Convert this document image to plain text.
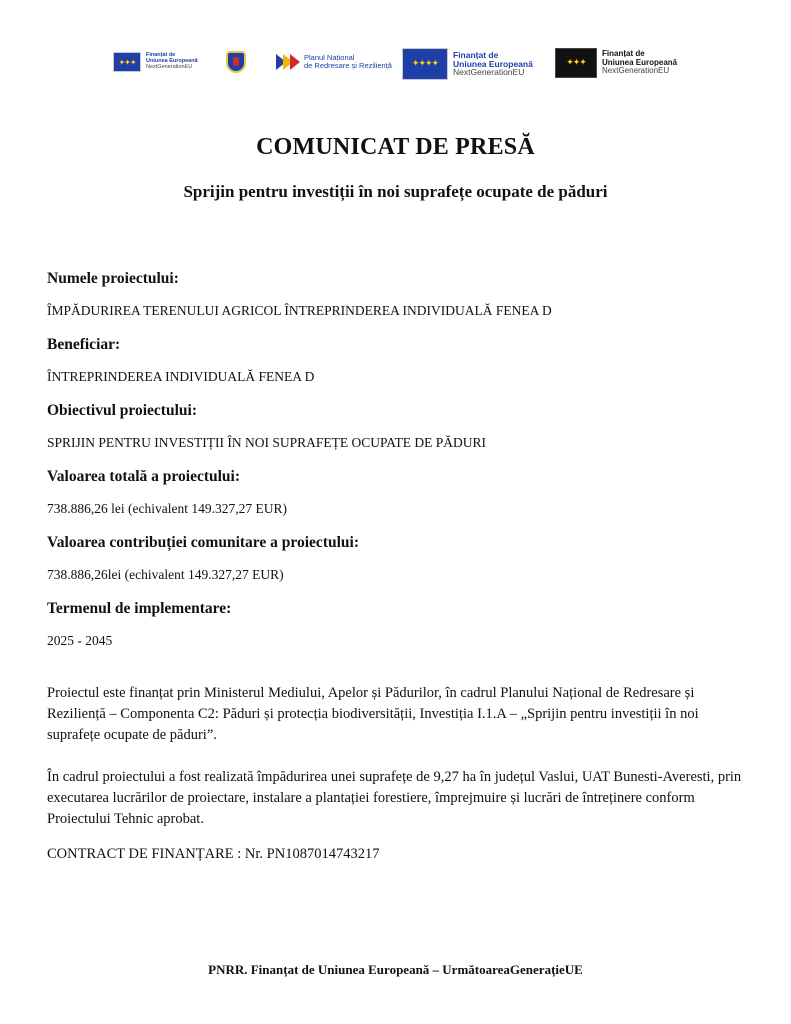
✦✦✦
Finanțat de
Uniunea Europeană
NextGenerationEU
Planul Național
de Redresare și Reziliență	✦✦✦✦
Finanțat de
Uniunea Europeană
NextGenerationEU
✦✦✦
Finanțat de
Uniunea Europeană
NextGenerationEU
COMUNICAT DE PRESĂ
Sprijin pentru investiții în noi suprafețe ocupate de păduri

Numele proiectului:

ÎMPĂDURIREA TERENULUI AGRICOL ÎNTREPRINDEREA INDIVIDUALĂ FENEA D

Beneficiar:

ÎNTREPRINDEREA INDIVIDUALĂ FENEA D

Obiectivul proiectului:

SPRIJIN PENTRU INVESTIȚII ÎN NOI SUPRAFEȚE OCUPATE DE PĂDURI

Valoarea totală a proiectului:

738.886,26 lei (echivalent 149.327,27 EUR)

Valoarea contribuției comunitare a proiectului:

738.886,26lei (echivalent 149.327,27 EUR)

Termenul de implementare:

2025 - 2045

Proiectul este finanțat prin Ministerul Mediului, Apelor și Pădurilor, în cadrul Planului Național de Redresare și Reziliență – Componenta C2: Păduri și protecția biodiversității, Investiția I.1.A – „Sprijin pentru investiții în noi suprafețe ocupate de păduri”.

În cadrul proiectului a fost realizată împădurirea unei suprafețe de 9,27 ha în județul Vaslui, UAT Bunesti-Averesti, prin executarea lucrărilor de proiectare, instalare a plantației forestiere, împrejmuire și lucrări de întreținere conform Proiectului Tehnic aprobat.

CONTRACT DE FINANȚARE : Nr. PN1087014743217

PNRR. Finanțat de Uniunea Europeană – UrmătoareaGenerațieUE
